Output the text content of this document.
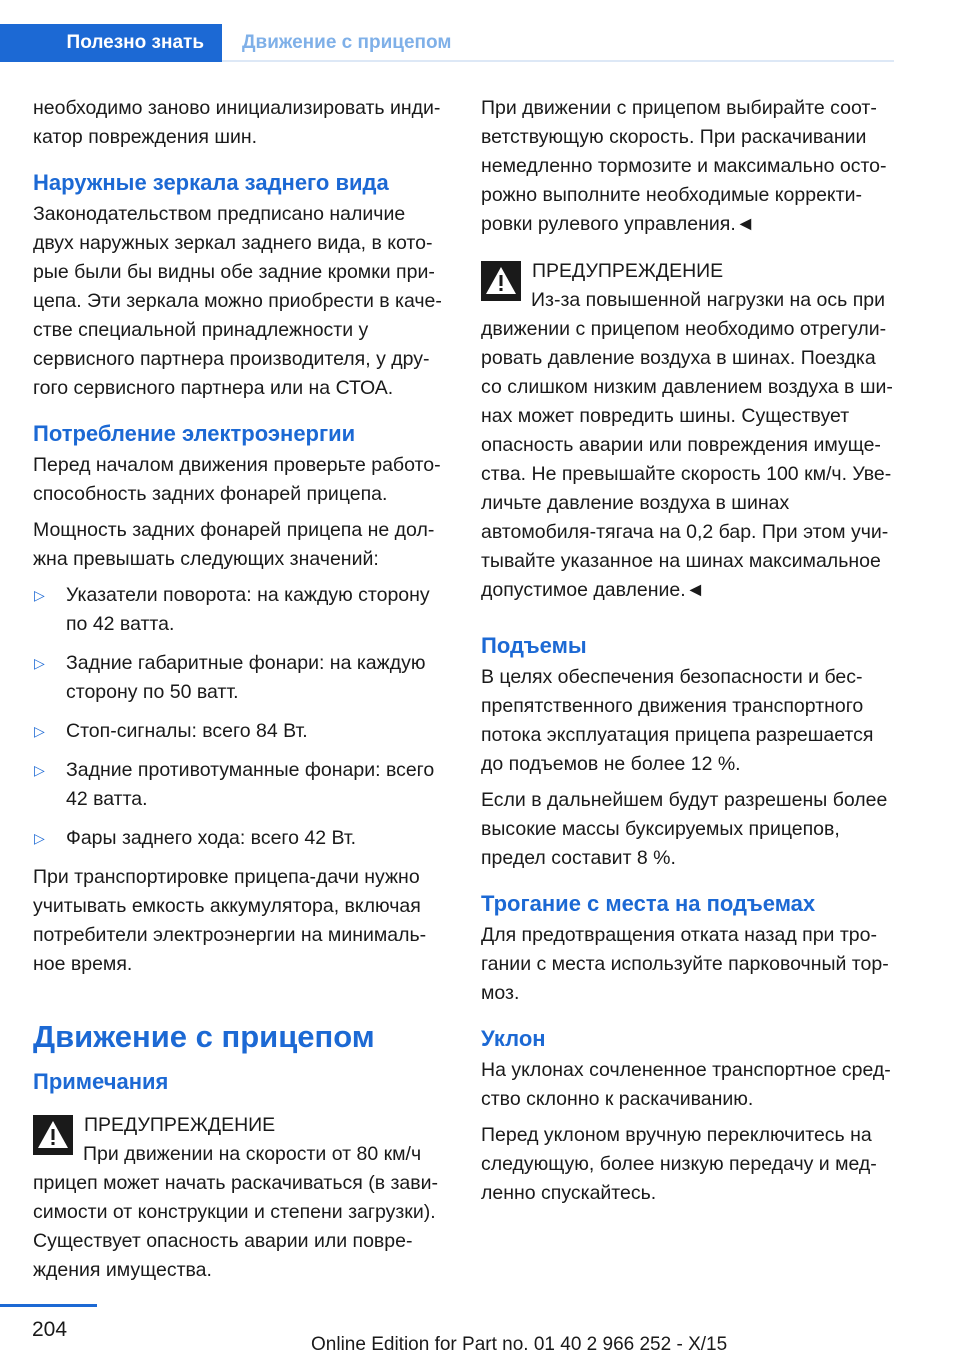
Полезно знать	Движение с прицепом

необходимо заново инициализировать индикатор повреждения шин.

Наружные зеркала заднего вида

Законодательством предписано наличие двух наружных зеркал заднего вида, в которые были бы видны обе задние кромки прицепа. Эти зеркала можно приобрести в качестве специальной принадлежности у сервисного партнера производителя, у другого сервисного партнера или на СТОА.

Потребление электроэнергии

Перед началом движения проверьте работоспособность задних фонарей прицепа.

Мощность задних фонарей прицепа не должна превышать следующих значений:

▷ Указатели поворота: на каждую сторону по 42 ватта.
▷ Задние габаритные фонари: на каждую сторону по 50 ватт.
▷ Стоп-сигналы: всего 84 Вт.
▷ Задние противотуманные фонари: всего 42 ватта.
▷ Фары заднего хода: всего 42 Вт.

При транспортировке прицепа-дачи нужно учитывать емкость аккумулятора, включая потребители электроэнергии на минимальное время.

Движение с прицепом
Примечания
ПРЕДУПРЕЖДЕНИЕ
При движении на скорости от 80 км/ч прицеп может начать раскачиваться (в зависимости от конструкции и степени загрузки). Существует опасность аварии или повреждения имущества.

При движении с прицепом выбирайте соответствующую скорость. При раскачивании немедленно тормозите и максимально осторожно выполните необходимые корректировки рулевого управления.◄

ПРЕДУПРЕЖДЕНИЕ
Из-за повышенной нагрузки на ось при движении с прицепом необходимо отрегулировать давление воздуха в шинах. Поездка со слишком низким давлением воздуха в шинах может повредить шины. Существует опасность аварии или повреждения имущества. Не превышайте скорость 100 км/ч. Увеличьте давление воздуха в шинах автомобиля-тягача на 0,2 бар. При этом учитывайте указанное на шинах максимальное допустимое давление.◄
Подъемы

В целях обеспечения безопасности и беспрепятственного движения транспортного потока эксплуатация прицепа разрешается до подъемов не более 12 %.

Если в дальнейшем будут разрешены более высокие массы буксируемых прицепов, предел составит 8 %.

Трогание с места на подъемах

Для предотвращения отката назад при трогании с места используйте парковочный тормоз.

Уклон

На уклонах сочлененное транспортное средство склонно к раскачиванию.

Перед уклоном вручную переключитесь на следующую, более низкую передачу и медленно спускайтесь.

204
Online Edition for Part no. 01 40 2 966 252 - X/15
